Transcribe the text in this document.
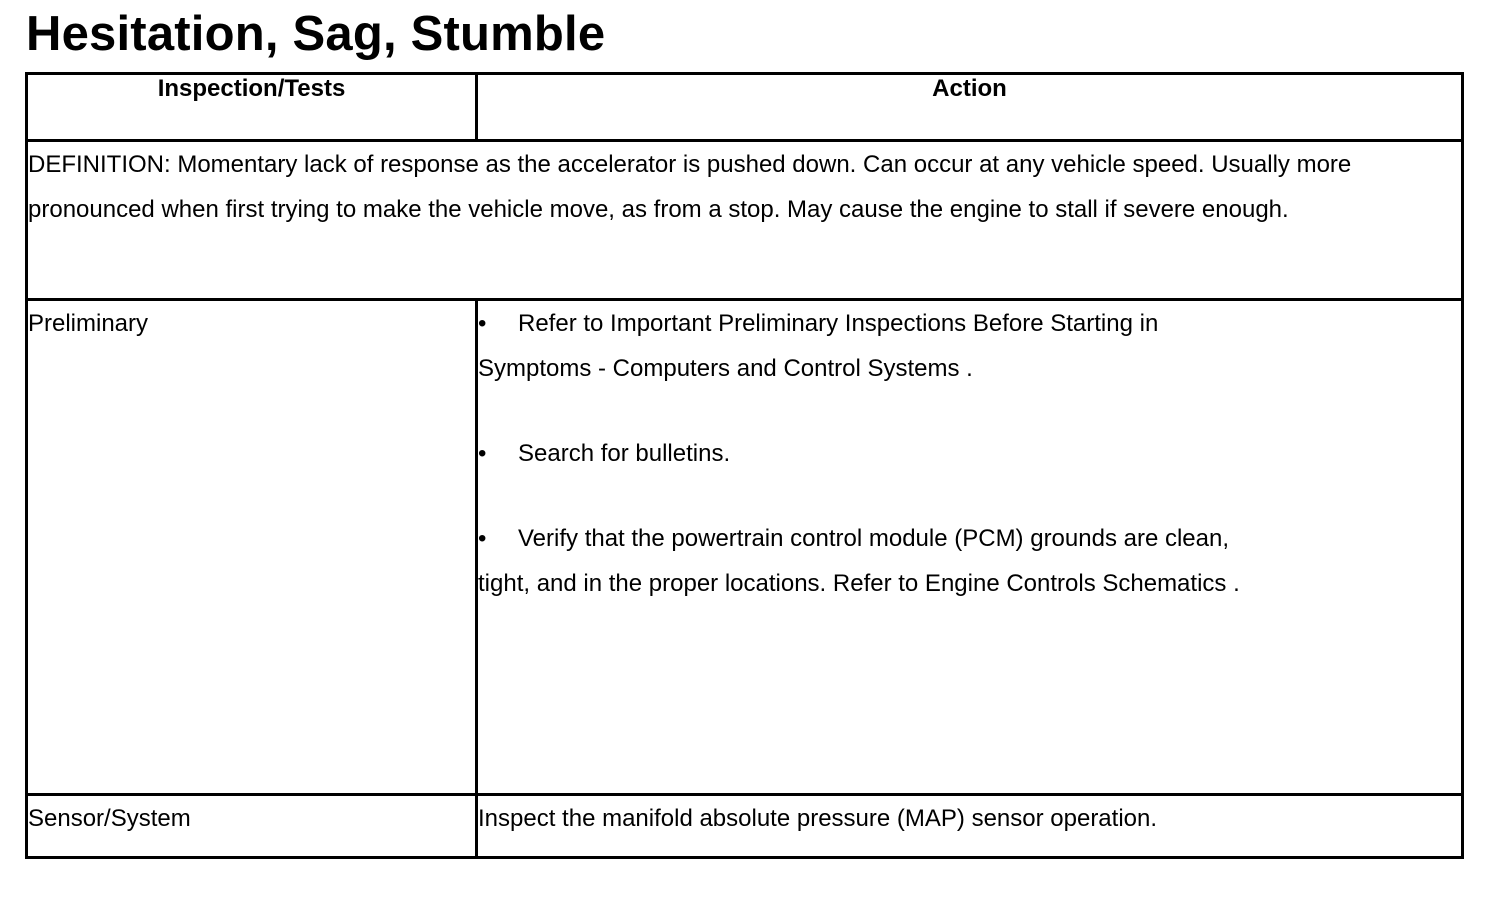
Hesitation, Sag, Stumble
Inspection/Tests	Action
DEFINITION: Momentary lack of response as the accelerator is pushed down. Can occur at any vehicle speed. Usually more pronounced when first trying to make the vehicle move, as from a stop. May cause the engine to stall if severe enough.	
Preliminary	• Refer to Important Preliminary Inspections Before Starting in Symptoms - Computers and Control Systems .
• Search for bulletins.
• Verify that the powertrain control module (PCM) grounds are clean, tight, and in the proper locations. Refer to Engine Controls Schematics .

Sensor/System	Inspect the manifold absolute pressure (MAP) sensor operation.
